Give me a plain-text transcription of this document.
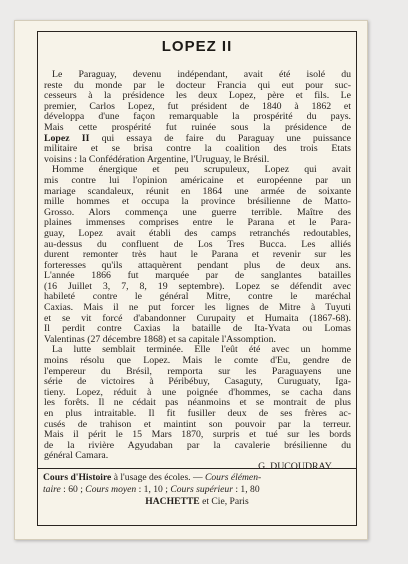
LOPEZ II
Le Paraguay, devenu indépendant, avait été isolé du
reste du monde par le docteur Francia qui eut pour suc-
cesseurs à la présidence les deux Lopez, père et fils. Le
premier, Carlos Lopez, fut président de 1840 à 1862 et
développa d'une façon remarquable la prospérité du pays.
Mais cette prospérité fut ruinée sous la présidence de
Lopez II qui essaya de faire du Paraguay une puissance
militaire et se brisa contre la coalition des trois États
voisins : la Confédération Argentine, l'Uruguay, le Brésil.
Homme énergique et peu scrupuleux, Lopez qui avait
mis contre lui l'opinion américaine et européenne par un
mariage scandaleux, réunit en 1864 une armée de soixante
mille hommes et occupa la province brésilienne de Matto-
Grosso. Alors commença une guerre terrible. Maître des
plaines immenses comprises entre le Parana et le Para-
guay, Lopez avait établi des camps retranchés redoutables,
au-dessus du confluent de Los Tres Bucca. Les alliés
durent remonter très haut le Parana et revenir sur les
forteresses qu'ils attaquèrent pendant plus de deux ans.
L'année 1866 fut marquée par de sanglantes batailles
(16 Juillet 3, 7, 8, 19 septembre). Lopez se défendit avec
habileté contre le général Mitre, contre le maréchal
Caxias. Mais il ne put forcer les lignes de Mitre à Tuyuti
et se vit forcé d'abandonner Curupaity et Humaita (1867-68).
Il perdit contre Caxias la bataille de Ita-Yvata ou Lomas
Valentinas (27 décembre 1868) et sa capitale l'Assomption.
La lutte semblait terminée. Elle l'eût été avec un homme
moins résolu que Lopez. Mais le comte d'Eu, gendre de
l'empereur du Brésil, remporta sur les Paraguayens une
série de victoires à Péribébuy, Casaguty, Curuguaty, Iga-
tieny. Lopez, réduit à une poignée d'hommes, se cacha dans
les forêts. Il ne cédait pas néanmoins et se montrait de plus
en plus intraitable. Il fit fusiller deux de ses frères ac-
cusés de trahison et maintint son pouvoir par la terreur.
Mais il périt le 15 Mars 1870, surpris et tué sur les bords
de la rivière Agyudaban par la cavalerie brésilienne du
général Camara.
G. DUCOUDRAY.
Cours d'Histoire à l'usage des écoles. — Cours élémen-
taire : 60 ; Cours moyen : 1, 10 ; Cours supérieur : 1, 80
HACHETTE et Cie, Paris
